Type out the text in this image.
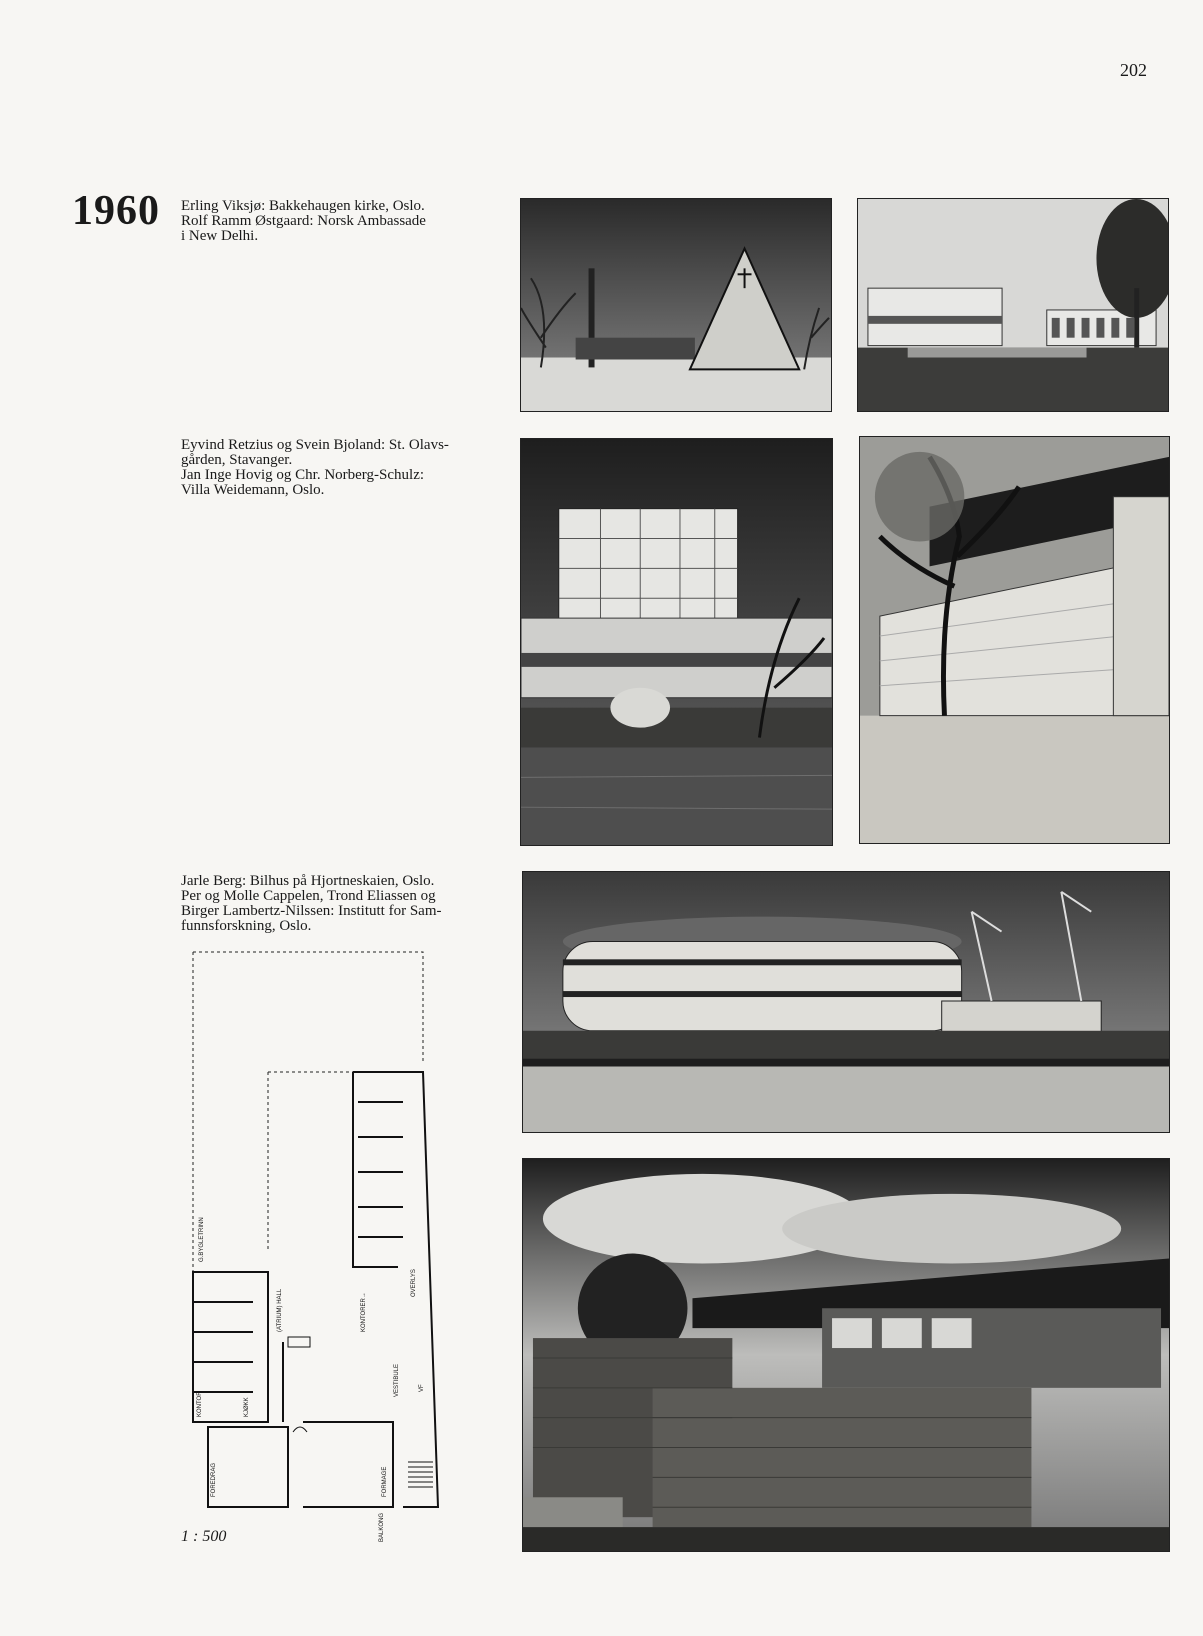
202
1960 Erling Viksjø: Bakkehaugen kirke, Oslo.
Rolf Ramm Østgaard: Norsk Ambassade
i New Delhi.
Eyvind Retzius og Svein Bjoland: St. Olavs-
gården, Stavanger.
Jan Inge Hovig og Chr. Norberg-Schulz:
Villa Weidemann, Oslo.
Jarle Berg: Bilhus på Hjortneskaien, Oslo.
Per og Molle Cappelen, Trond Eliassen og
Birger Lambertz-Nilssen: Institutt for Sam-
funnsforskning, Oslo.
G.BYGLETRINN
(ATRIUM) HALL	KONTORER→
OVERLYS
KONTOR	KJØKK
VESTIBULE	VF
FOREDRAG	FORMAGE
BALKONG
1 : 500
